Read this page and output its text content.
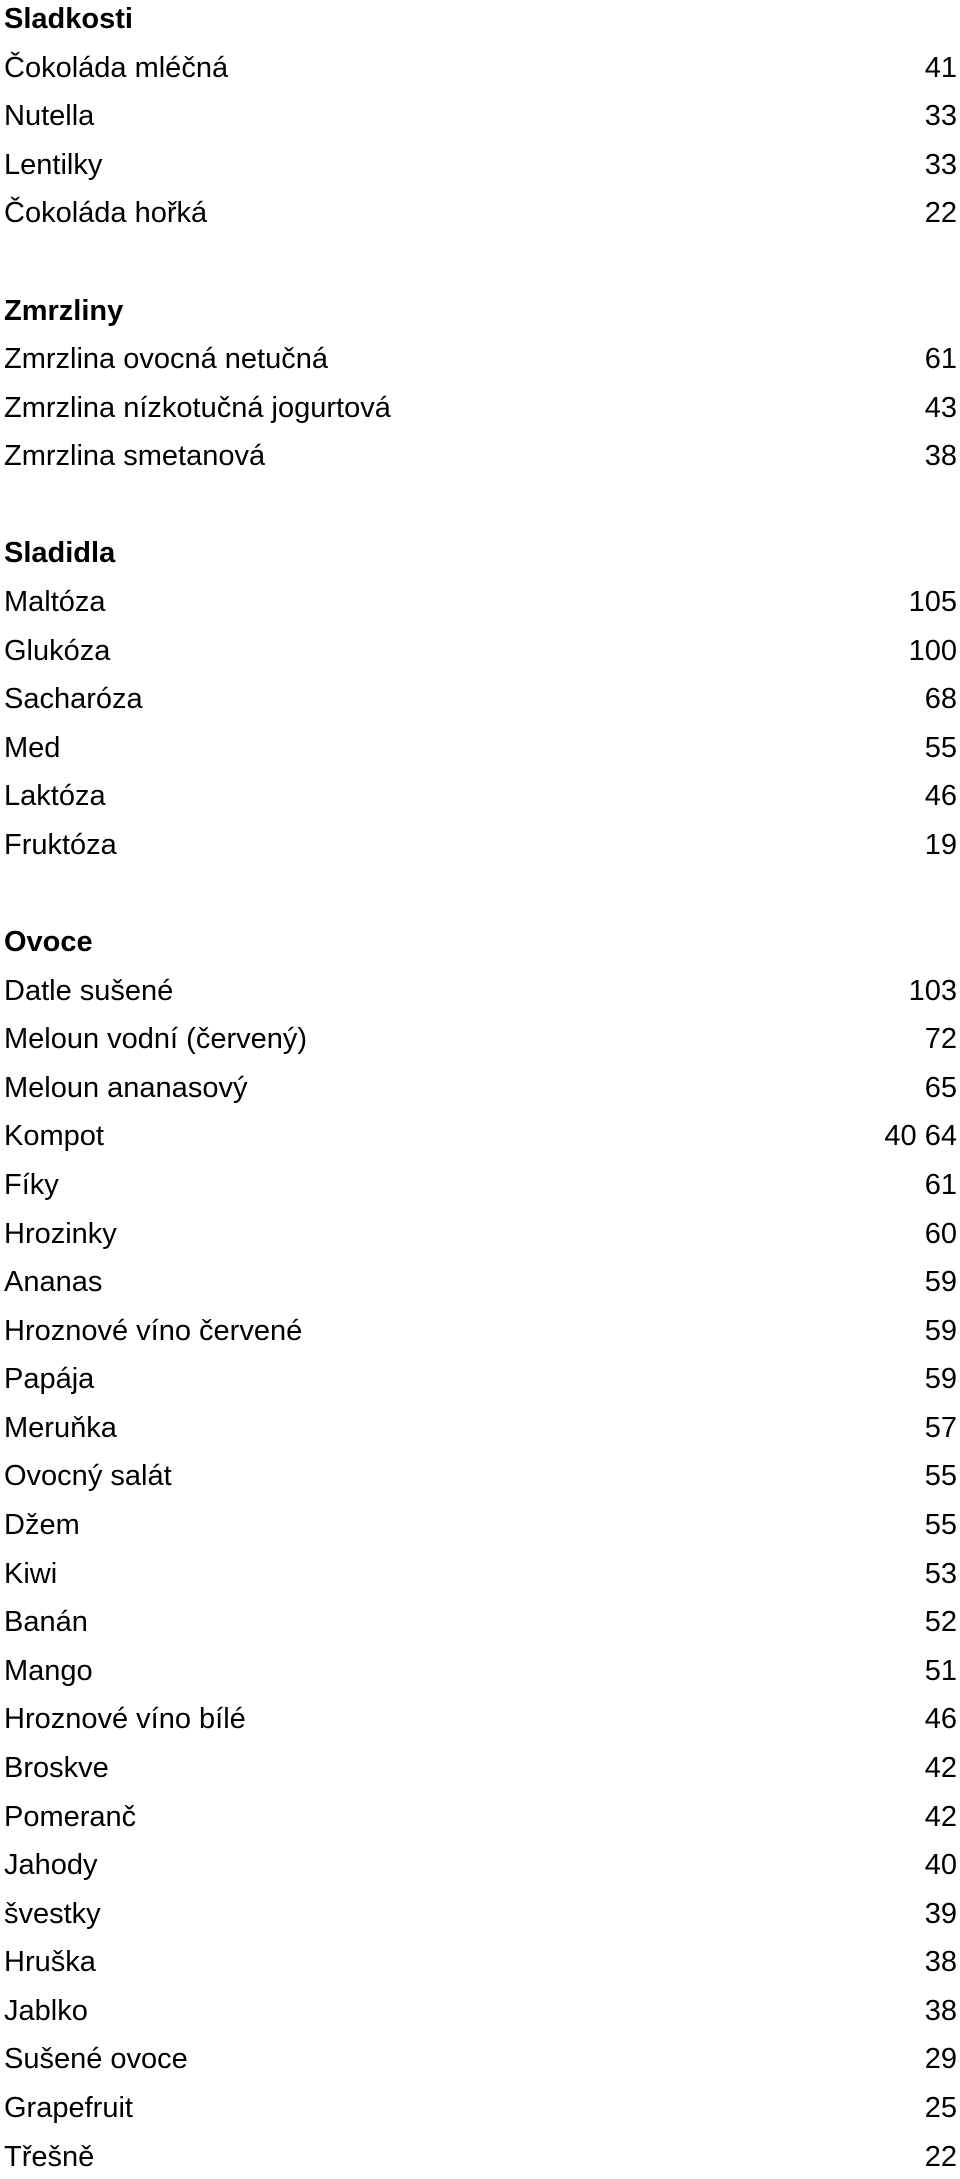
Sladkosti
Čokoláda mléčná	41
Nutella	33
Lentilky	33
Čokoláda hořká	22
Zmrzliny
Zmrzlina ovocná netučná	61
Zmrzlina nízkotučná jogurtová	43
Zmrzlina smetanová	38
Sladidla
Maltóza	105
Glukóza	100
Sacharóza	68
Med	55
Laktóza	46
Fruktóza	19
Ovoce
Datle sušené	103
Meloun vodní (červený)	72
Meloun ananasový	65
Kompot	40 64
Fíky	61
Hrozinky	60
Ananas	59
Hroznové víno červené	59
Papája	59
Meruňka	57
Ovocný salát	55
Džem	55
Kiwi	53
Banán	52
Mango	51
Hroznové víno bílé	46
Broskve	42
Pomeranč	42
Jahody	40
švestky	39
Hruška	38
Jablko	38
Sušené ovoce	29
Grapefruit	25
Třešně	22
